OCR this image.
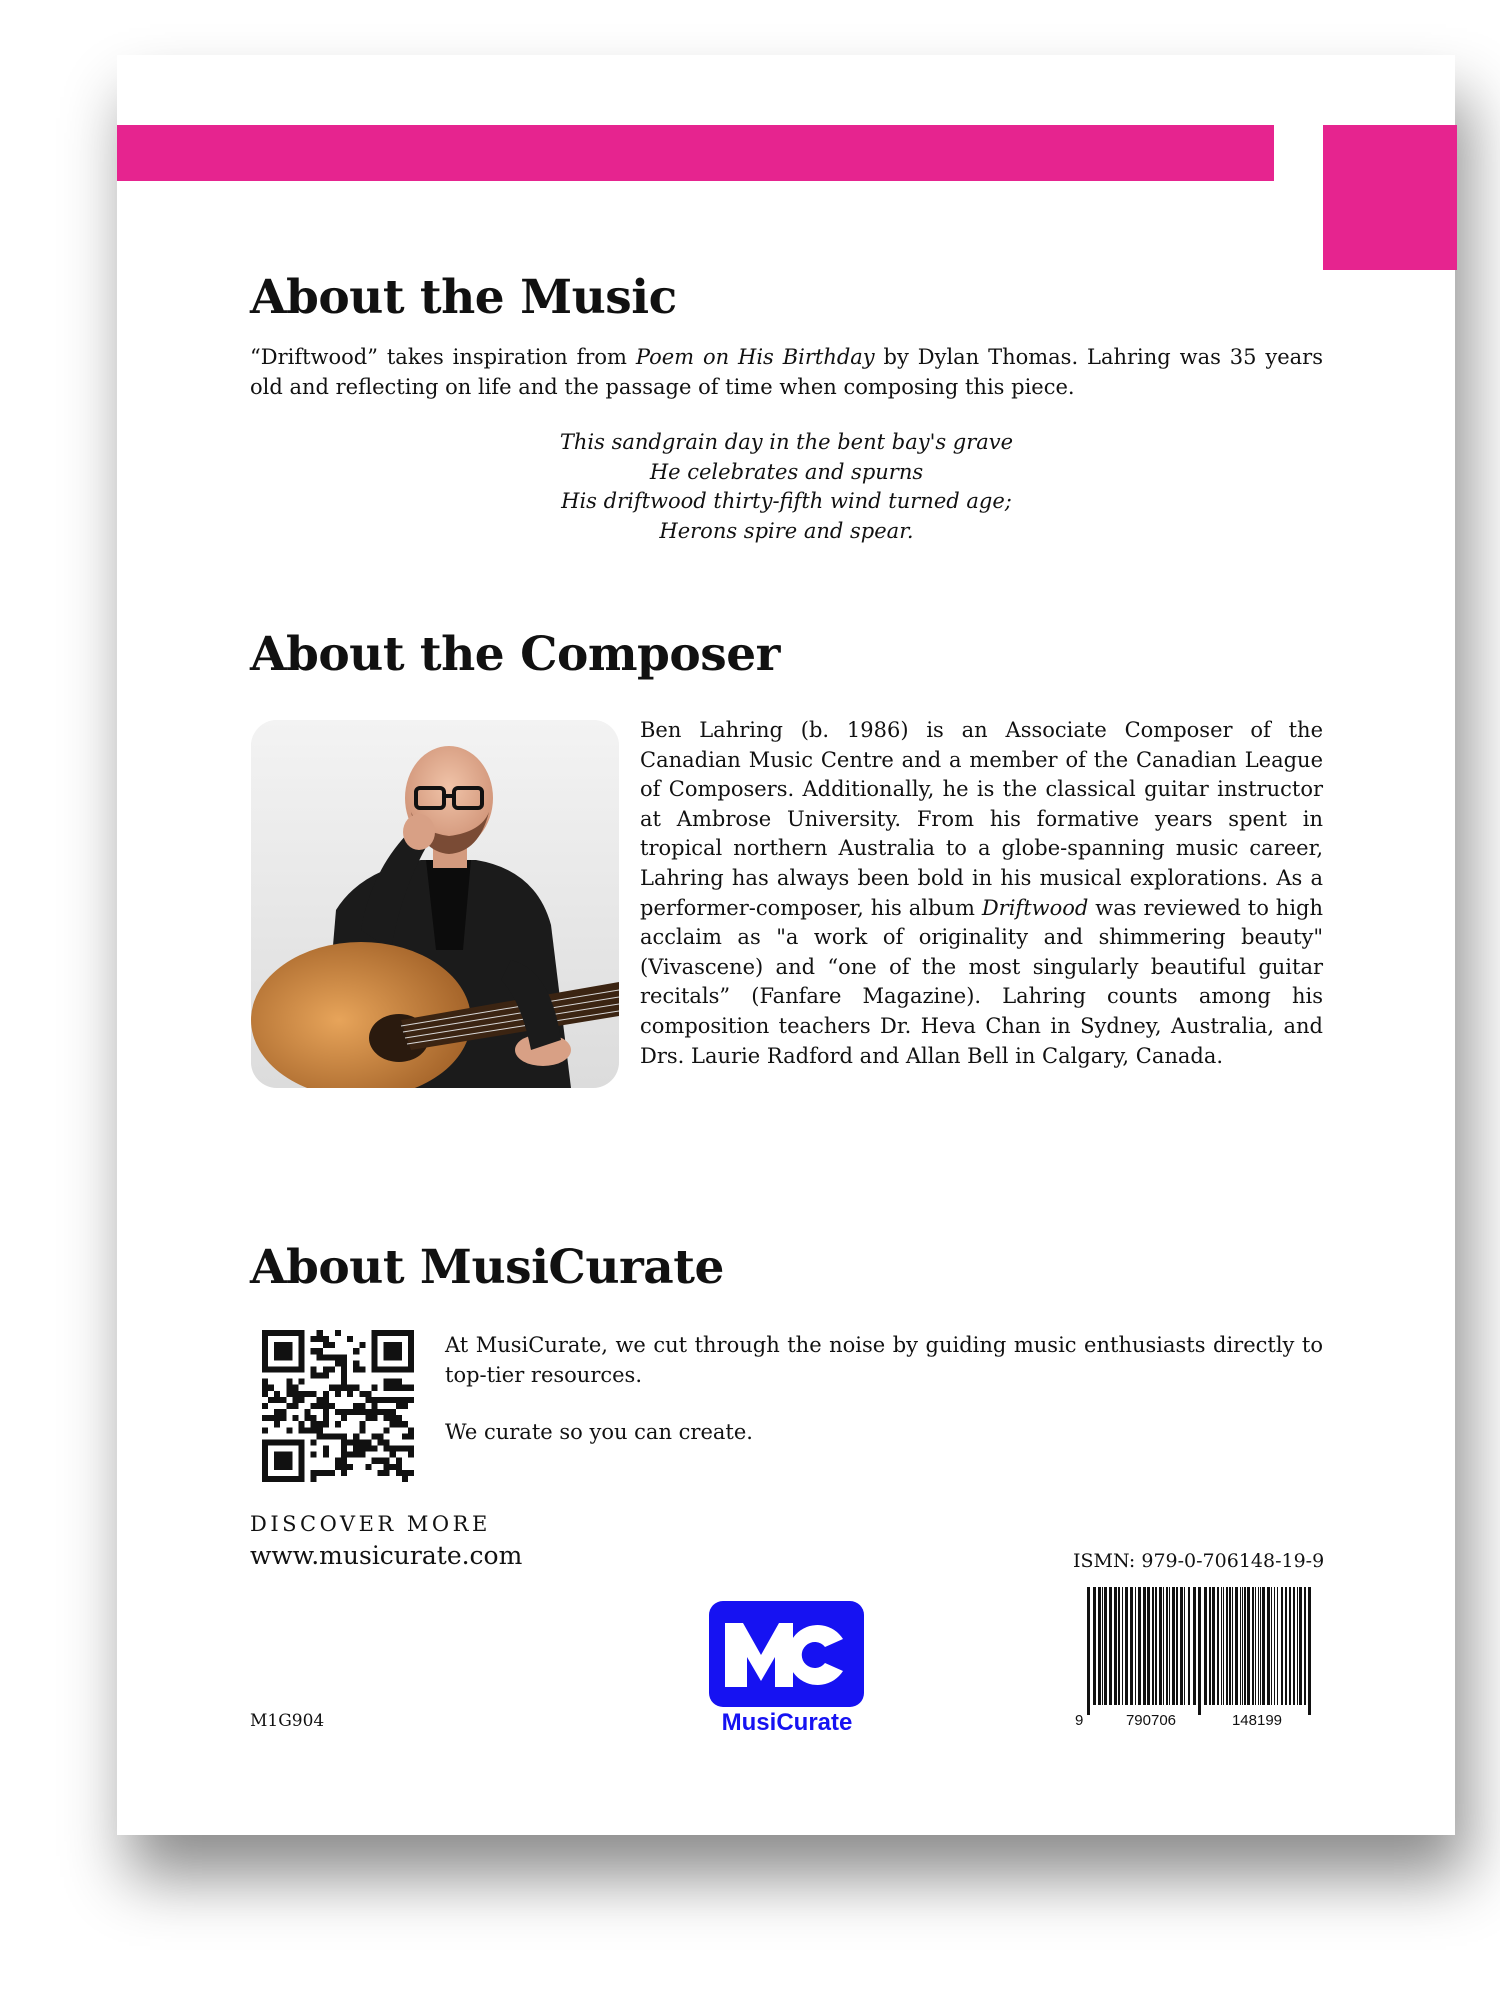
About the Music

“Driftwood” takes inspiration from Poem on His Birthday by Dylan Thomas. Lahring was 35 years old and reflecting on life and the passage of time when composing this piece.

This sandgrain day in the bent bay's grave
He celebrates and spurns
His driftwood thirty-fifth wind turned age;
Herons spire and spear.
About the Composer

Ben Lahring (b. 1986) is an Associate Composer of the Canadian Music Centre and a member of the Canadian League of Composers. Additionally, he is the classical guitar instructor at Ambrose University. From his formative years spent in tropical northern Australia to a globe-spanning music career, Lahring has always been bold in his musical explorations. As a performer-composer, his album Driftwood was reviewed to high acclaim as "a work of originality and shimmering beauty" (Vivascene) and “one of the most singularly beautiful guitar recitals” (Fanfare Magazine). Lahring counts among his composition teachers Dr. Heva Chan in Sydney, Australia, and Drs. Laurie Radford and Allan Bell in Calgary, Canada.

About MusiCurate

At MusiCurate, we cut through the noise by guiding music enthusiasts directly to top-tier resources.

We curate so you can create.

DISCOVER MORE
www.musicurate.com
M1G904	MusiCurate
ISMN: 979-0-706148-19-9
9	790706	148199
